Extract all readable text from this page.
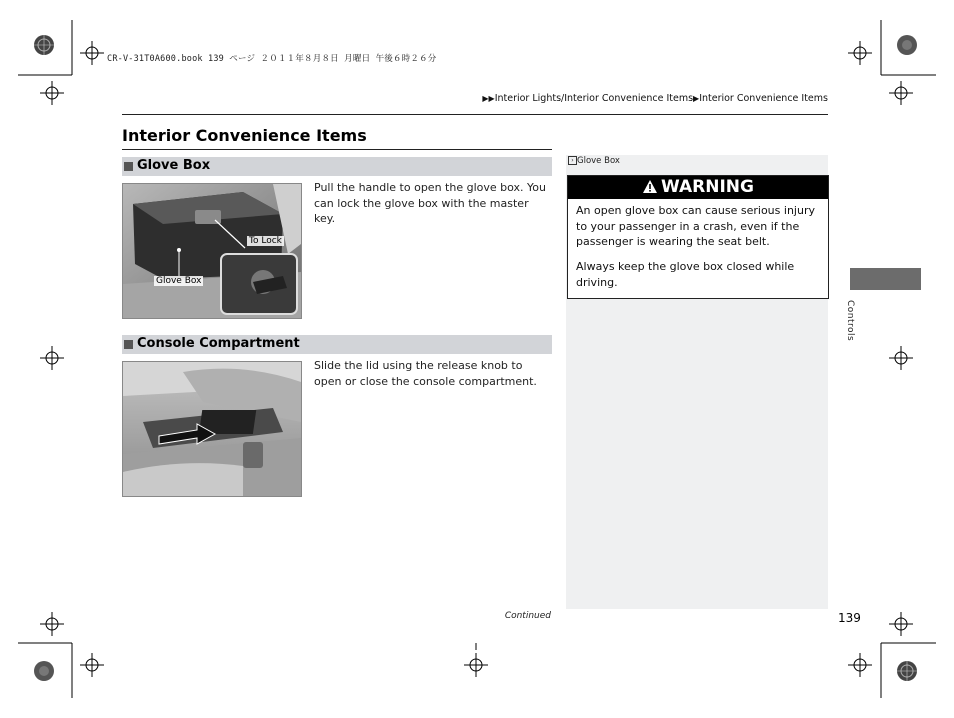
CR-V-31T0A600.book 139 ページ ２０１１年８月８日 月曜日 午後６時２６分
▶▶Interior Lights/Interior Convenience Items▶Interior Convenience Items
Interior Convenience Items
Glove Box
To Lock
Glove Box
Pull the handle to open the glove box. You can lock the glove box with the master key.
Console Compartment
Slide the lid using the release knob to open or close the console compartment.
› Glove Box
WARNING
An open glove box can cause serious injury to your passenger in a crash, even if the passenger is wearing the seat belt.
Always keep the glove box closed while driving.
Controls
Continued	139
